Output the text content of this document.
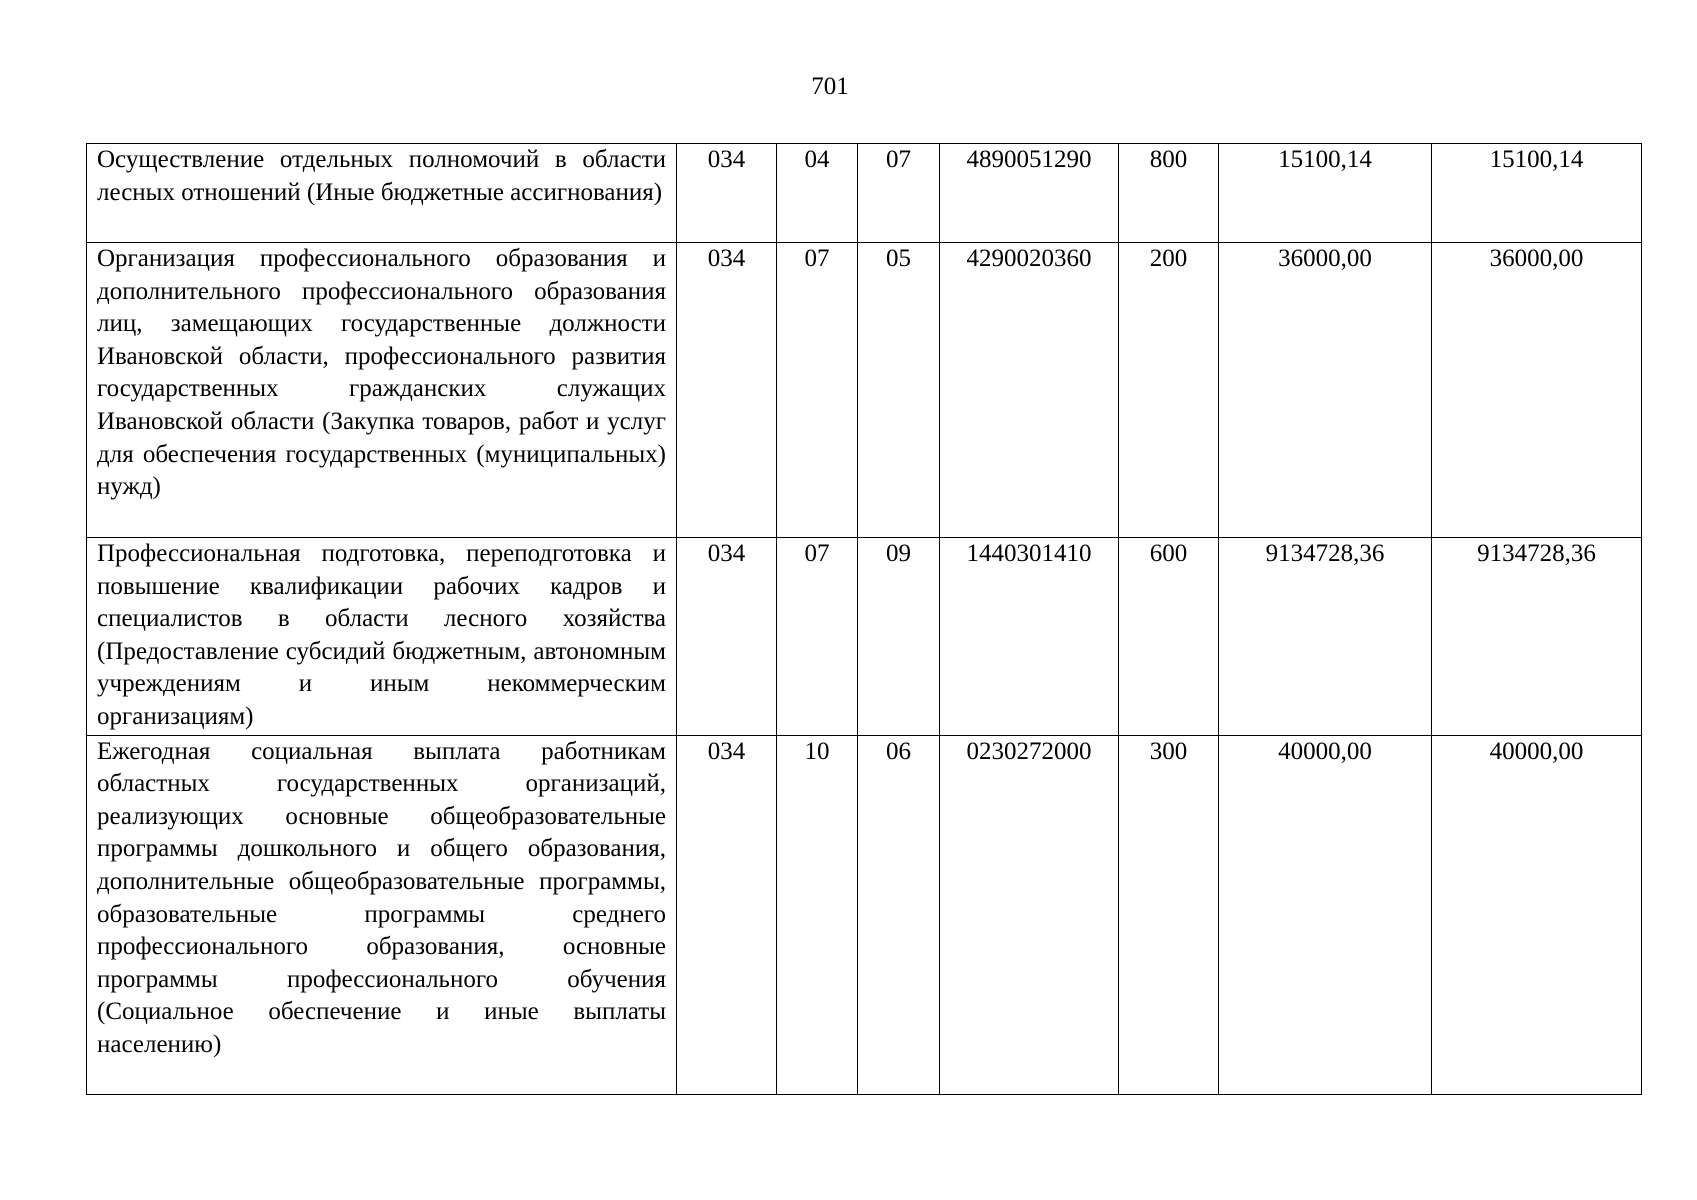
701
Осуществление отдельных полномочий в области лесных отношений (Иные бюджетные ассигнования)	034	04	07	4890051290	800	15100,14	15100,14
Организация профессионального образования и дополнительного профессионального образования лиц, замещающих государственные должности Ивановской области, профессионального развития государственных гражданских служащих Ивановской области (Закупка товаров, работ и услуг для обеспечения государственных (муниципальных) нужд)	034	07	05	4290020360	200	36000,00	36000,00
Профессиональная подготовка, переподготовка и повышение квалификации рабочих кадров и специалистов в области лесного хозяйства (Предоставление субсидий бюджетным, автономным учреждениям и иным некоммерческим организациям)	034	07	09	1440301410	600	9134728,36	9134728,36
Ежегодная социальная выплата работникам областных государственных организаций, реализующих основные общеобразовательные программы дошкольного и общего образования, дополнительные общеобразовательные программы, образовательные программы среднего профессионального образования, основные программы профессионального обучения (Социальное обеспечение и иные выплаты населению)	034	10	06	0230272000	300	40000,00	40000,00
